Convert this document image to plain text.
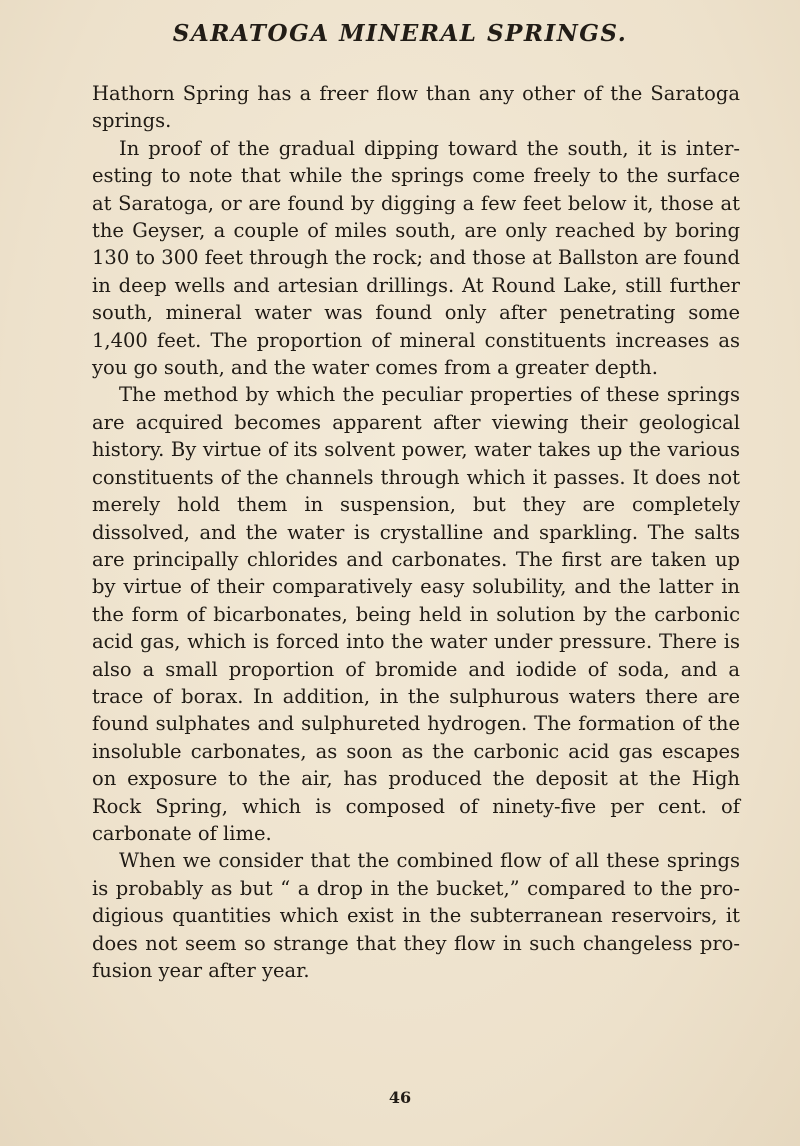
SARATOGA MINERAL SPRINGS.

Hathorn Spring has a freer flow than any other of the Saratoga springs.

In proof of the gradual dipping toward the south, it is interesting to note that while the springs come freely to the surface at Saratoga, or are found by digging a few feet below it, those at the Geyser, a couple of miles south, are only reached by boring 130 to 300 feet through the rock; and those at Ballston are found in deep wells and artesian drillings. At Round Lake, still further south, mineral water was found only after penetrating some 1,400 feet. The proportion of mineral constituents increases as you go south, and the water comes from a greater depth.

The method by which the peculiar properties of these springs are acquired becomes apparent after viewing their geological history. By virtue of its solvent power, water takes up the various constituents of the channels through which it passes. It does not merely hold them in suspension, but they are completely dissolved, and the water is crystalline and sparkling. The salts are principally chlorides and carbonates. The first are taken up by virtue of their comparatively easy solubility, and the latter in the form of bicarbonates, being held in solution by the carbonic acid gas, which is forced into the water under pressure. There is also a small proportion of bromide and iodide of soda, and a trace of borax. In addition, in the sulphurous waters there are found sulphates and sulphureted hydrogen. The formation of the insoluble carbonates, as soon as the carbonic acid gas escapes on exposure to the air, has produced the deposit at the High Rock Spring, which is composed of ninety-five per cent. of carbonate of lime.

When we consider that the combined flow of all these springs is probably as but “ a drop in the bucket,” compared to the prodigious quantities which exist in the subterranean reservoirs, it does not seem so strange that they flow in such changeless profusion year after year.

46
